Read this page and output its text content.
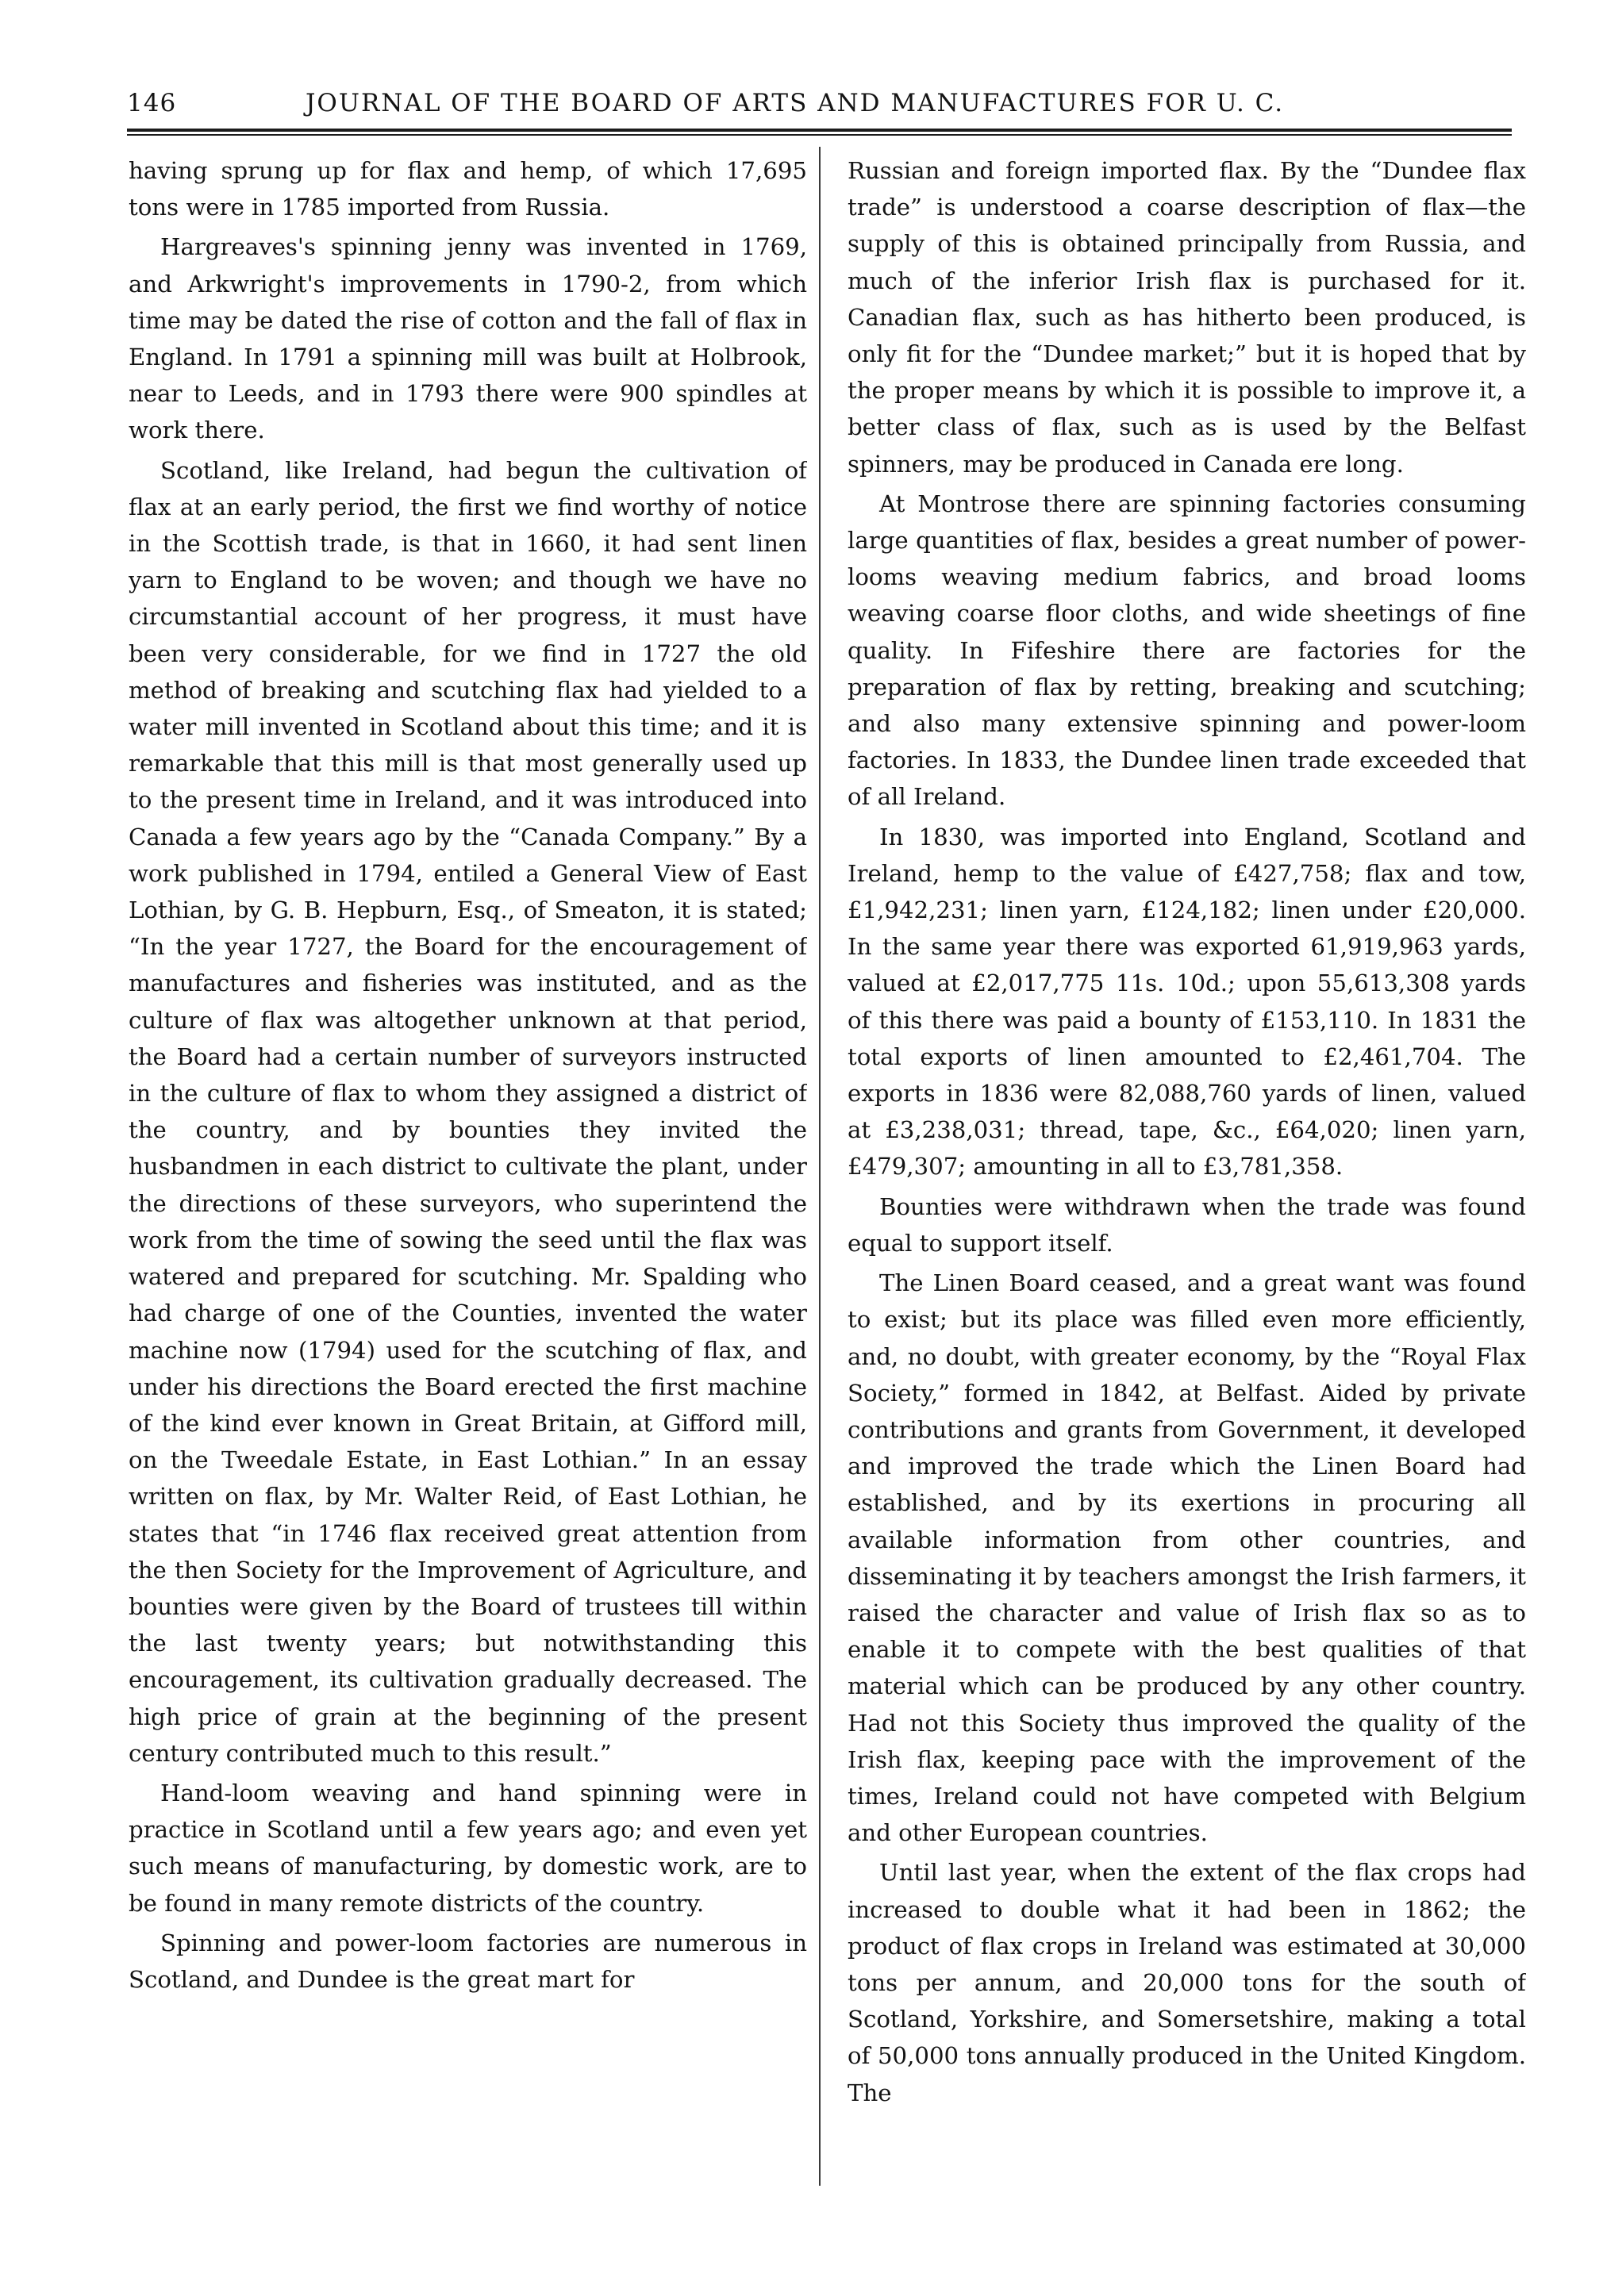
146	JOURNAL OF THE BOARD OF ARTS AND MANUFACTURES FOR U. C.

having sprung up for flax and hemp, of which 17,695 tons were in 1785 imported from Russia.

Hargreaves's spinning jenny was invented in 1769, and Arkwright's improvements in 1790-2, from which time may be dated the rise of cotton and the fall of flax in England. In 1791 a spinning mill was built at Holbrook, near to Leeds, and in 1793 there were 900 spindles at work there.

Scotland, like Ireland, had begun the cultivation of flax at an early period, the first we find worthy of notice in the Scottish trade, is that in 1660, it had sent linen yarn to England to be woven; and though we have no circumstantial account of her progress, it must have been very considerable, for we find in 1727 the old method of breaking and scutching flax had yielded to a water mill invented in Scotland about this time; and it is remarkable that this mill is that most generally used up to the present time in Ireland, and it was introduced into Canada a few years ago by the “Canada Company.” By a work published in 1794, entiled a General View of East Lothian, by G. B. Hepburn, Esq., of Smeaton, it is stated; “In the year 1727, the Board for the encouragement of manufactures and fisheries was instituted, and as the culture of flax was altogether unknown at that period, the Board had a certain number of surveyors instructed in the culture of flax to whom they assigned a district of the country, and by bounties they invited the husbandmen in each district to cultivate the plant, under the directions of these surveyors, who superintend the work from the time of sowing the seed until the flax was watered and prepared for scutching. Mr. Spalding who had charge of one of the Counties, invented the water machine now (1794) used for the scutching of flax, and under his directions the Board erected the first machine of the kind ever known in Great Britain, at Gifford mill, on the Tweedale Estate, in East Lothian.” In an essay written on flax, by Mr. Walter Reid, of East Lothian, he states that “in 1746 flax received great attention from the then Society for the Improvement of Agriculture, and bounties were given by the Board of trustees till within the last twenty years; but notwithstanding this encouragement, its cultivation gradually decreased. The high price of grain at the beginning of the present century contributed much to this result.”

Hand-loom weaving and hand spinning were in practice in Scotland until a few years ago; and even yet such means of manufacturing, by domestic work, are to be found in many remote districts of the country.

Spinning and power-loom factories are numerous in Scotland, and Dundee is the great mart for

Russian and foreign imported flax. By the “Dundee flax trade” is understood a coarse description of flax—the supply of this is obtained principally from Russia, and much of the inferior Irish flax is purchased for it. Canadian flax, such as has hitherto been produced, is only fit for the “Dundee market;” but it is hoped that by the proper means by which it is possible to improve it, a better class of flax, such as is used by the Belfast spinners, may be produced in Canada ere long.

At Montrose there are spinning factories consuming large quantities of flax, besides a great number of power-looms weaving medium fabrics, and broad looms weaving coarse floor cloths, and wide sheetings of fine quality. In Fifeshire there are factories for the preparation of flax by retting, breaking and scutching; and also many extensive spinning and power-loom factories. In 1833, the Dundee linen trade exceeded that of all Ireland.

In 1830, was imported into England, Scotland and Ireland, hemp to the value of £427,758; flax and tow, £1,942,231; linen yarn, £124,182; linen under £20,000. In the same year there was exported 61,919,963 yards, valued at £2,017,775 11s. 10d.; upon 55,613,308 yards of this there was paid a bounty of £153,110. In 1831 the total exports of linen amounted to £2,461,704. The exports in 1836 were 82,088,760 yards of linen, valued at £3,238,031; thread, tape, &c., £64,020; linen yarn, £479,307; amounting in all to £3,781,358.

Bounties were withdrawn when the trade was found equal to support itself.

The Linen Board ceased, and a great want was found to exist; but its place was filled even more efficiently, and, no doubt, with greater economy, by the “Royal Flax Society,” formed in 1842, at Belfast. Aided by private contributions and grants from Government, it developed and improved the trade which the Linen Board had established, and by its exertions in procuring all available information from other countries, and disseminating it by teachers amongst the Irish farmers, it raised the character and value of Irish flax so as to enable it to compete with the best qualities of that material which can be produced by any other country. Had not this Society thus improved the quality of the Irish flax, keeping pace with the improvement of the times, Ireland could not have competed with Belgium and other European countries.

Until last year, when the extent of the flax crops had increased to double what it had been in 1862; the product of flax crops in Ireland was estimated at 30,000 tons per annum, and 20,000 tons for the south of Scotland, Yorkshire, and Somersetshire, making a total of 50,000 tons annually produced in the United Kingdom. The
